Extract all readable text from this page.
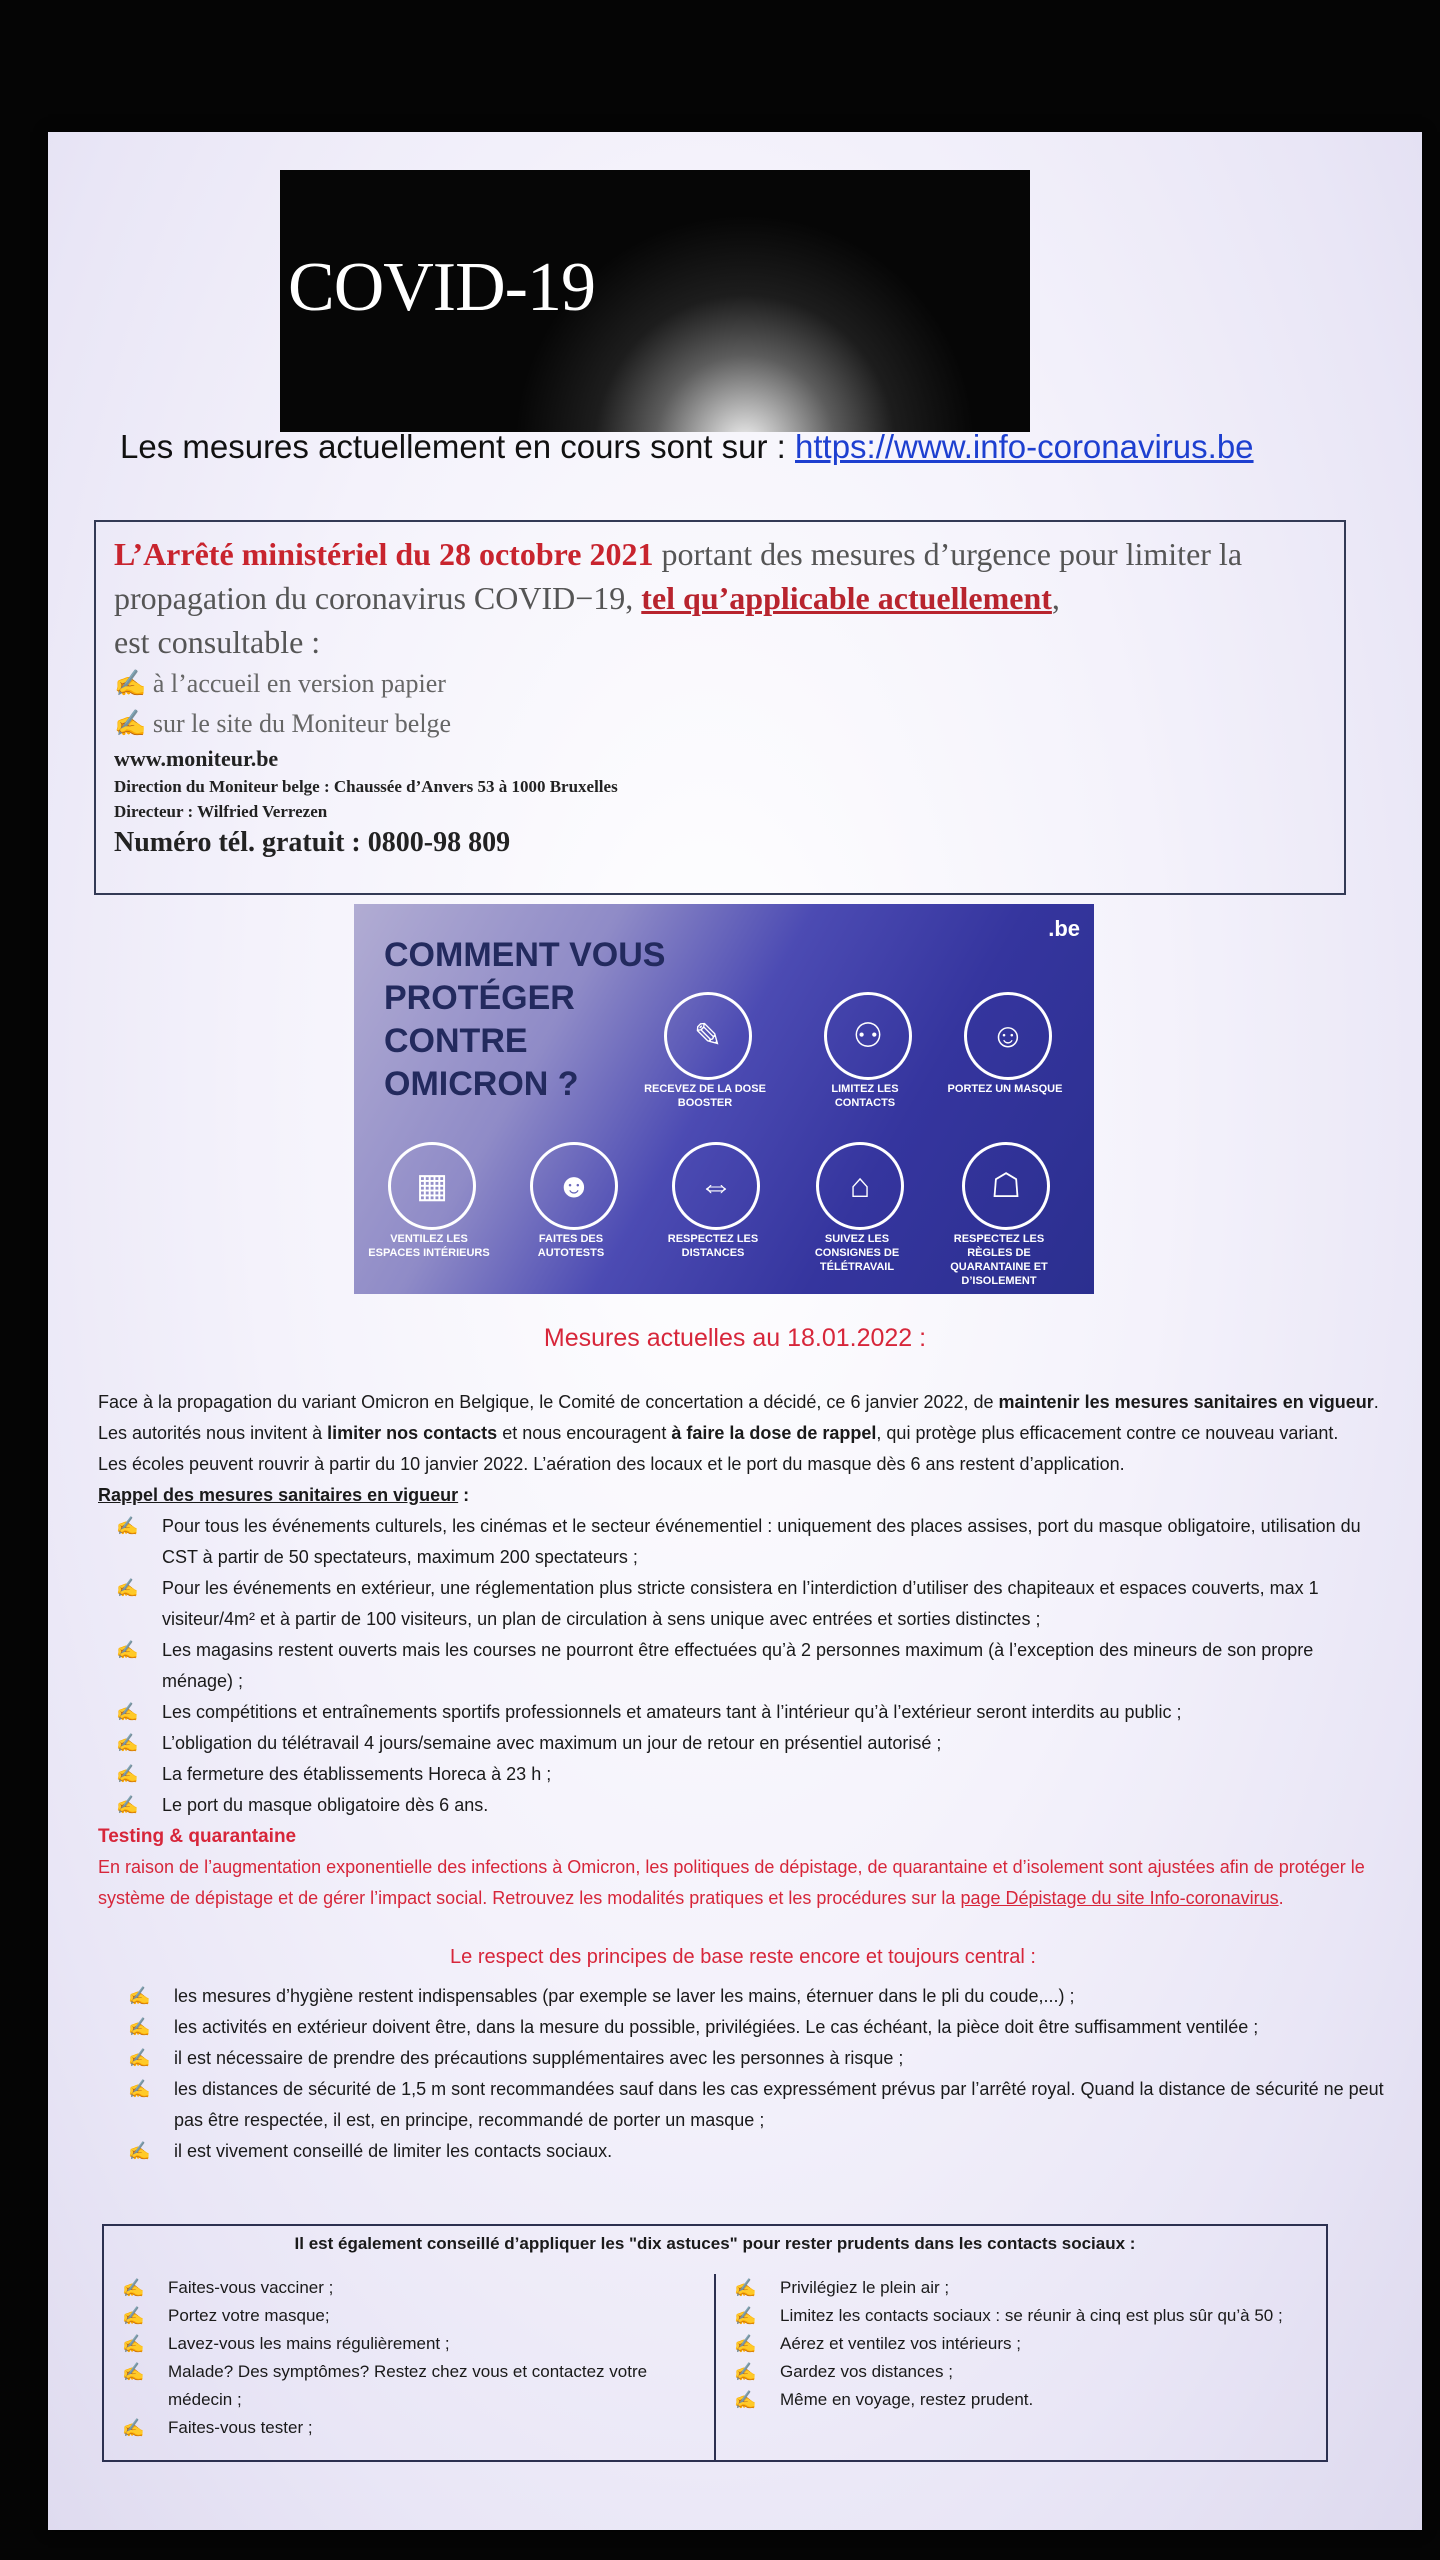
COVID-19
Les mesures actuellement en cours sont sur : https://www.info-coronavirus.be
L’Arrêté ministériel du 28 octobre 2021 portant des mesures d’urgence pour limiter la propagation du coronavirus COVID−19, tel qu’applicable actuellement,
est consultable :
✍ à l’accueil en version papier
✍ sur le site du Moniteur belge
www.moniteur.be
Direction du Moniteur belge : Chaussée d’Anvers 53 à 1000 Bruxelles
Directeur : Wilfried Verrezen
Numéro tél. gratuit : 0800-98 809
COMMENT VOUS PROTÉGER CONTRE OMICRON ?
.be
✎
RECEVEZ DE LA DOSE BOOSTER
⚇
LIMITEZ LES CONTACTS
☺
PORTEZ UN MASQUE
▦
VENTILEZ LES ESPACES INTÉRIEURS
☻
FAITES DES AUTOTESTS
⇔
RESPECTEZ LES DISTANCES
⌂
SUIVEZ LES CONSIGNES DE TÉLÉTRAVAIL
☖
RESPECTEZ LES RÈGLES DE QUARANTAINE ET D’ISOLEMENT
Mesures actuelles au 18.01.2022 :
Face à la propagation du variant Omicron en Belgique, le Comité de concertation a décidé, ce 6 janvier 2022, de maintenir les mesures sanitaires en vigueur. Les autorités nous invitent à limiter nos contacts et nous encouragent à faire la dose de rappel, qui protège plus efficacement contre ce nouveau variant.
Les écoles peuvent rouvrir à partir du 10 janvier 2022. L’aération des locaux et le port du masque dès 6 ans restent d’application.
Rappel des mesures sanitaires en vigueur :
✍ Pour tous les événements culturels, les cinémas et le secteur événementiel : uniquement des places assises, port du masque obligatoire, utilisation du CST à partir de 50 spectateurs, maximum 200 spectateurs ;
✍ Pour les événements en extérieur, une réglementation plus stricte consistera en l’interdiction d’utiliser des chapiteaux et espaces couverts, max 1 visiteur/4m² et à partir de 100 visiteurs, un plan de circulation à sens unique avec entrées et sorties distinctes ;
✍ Les magasins restent ouverts mais les courses ne pourront être effectuées qu’à 2 personnes maximum (à l’exception des mineurs de son propre ménage) ;
✍ Les compétitions et entraînements sportifs professionnels et amateurs tant à l’intérieur qu’à l’extérieur seront interdits au public ;
✍ L’obligation du télétravail 4 jours/semaine avec maximum un jour de retour en présentiel autorisé ;
✍ La fermeture des établissements Horeca à 23 h ;
✍ Le port du masque obligatoire dès 6 ans.
Testing & quarantaine
En raison de l’augmentation exponentielle des infections à Omicron, les politiques de dépistage, de quarantaine et d’isolement sont ajustées afin de protéger le système de dépistage et de gérer l’impact social. Retrouvez les modalités pratiques et les procédures sur la page Dépistage du site Info-coronavirus.
Le respect des principes de base reste encore et toujours central :
✍ les mesures d’hygiène restent indispensables (par exemple se laver les mains, éternuer dans le pli du coude,...) ;
✍ les activités en extérieur doivent être, dans la mesure du possible, privilégiées. Le cas échéant, la pièce doit être suffisamment ventilée ;
✍ il est nécessaire de prendre des précautions supplémentaires avec les personnes à risque ;
✍ les distances de sécurité de 1,5 m sont recommandées sauf dans les cas expressément prévus par l’arrêté royal. Quand la distance de sécurité ne peut pas être respectée, il est, en principe, recommandé de porter un masque ;
✍ il est vivement conseillé de limiter les contacts sociaux.
Il est également conseillé d’appliquer les "dix astuces" pour rester prudents dans les contacts sociaux :
✍ Faites-vous vacciner ;
✍ Portez votre masque;
✍ Lavez-vous les mains régulièrement ;
✍ Malade? Des symptômes? Restez chez vous et contactez votre médecin ;
✍ Faites-vous tester ;
✍ Privilégiez le plein air ;
✍ Limitez les contacts sociaux : se réunir à cinq est plus sûr qu’à 50 ;
✍ Aérez et ventilez vos intérieurs ;
✍ Gardez vos distances ;
✍ Même en voyage, restez prudent.
